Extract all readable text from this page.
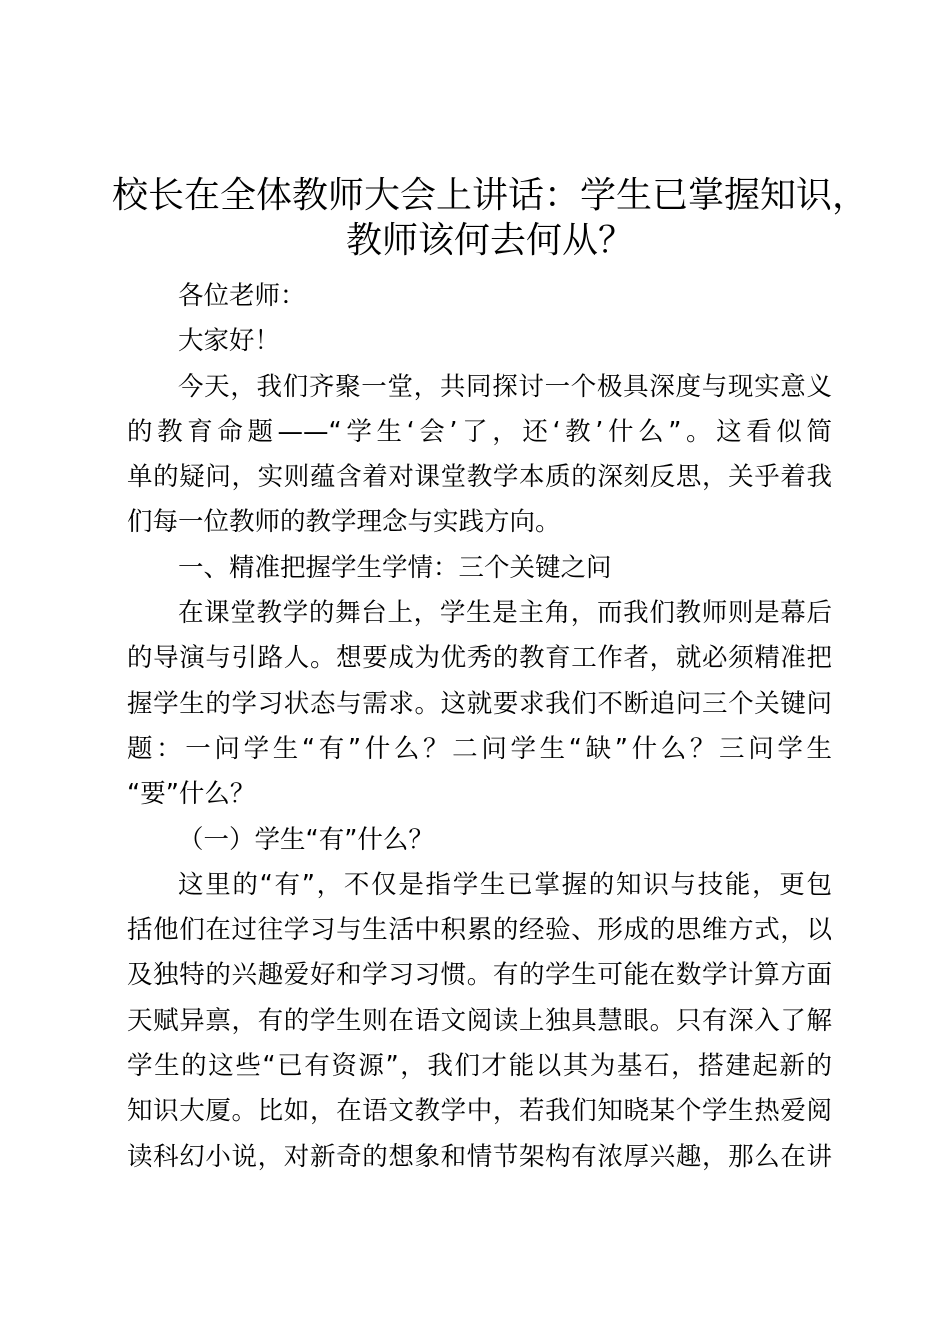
校长在全体教师大会上讲话：学生已掌握知识，
教师该何去何从？
各位老师：
大家好！
今天，我们齐聚一堂，共同探讨一个极具深度与现实意义
的教育命题——“学生‘会’了，还‘教’什么”。这看似简
单的疑问，实则蕴含着对课堂教学本质的深刻反思，关乎着我
们每一位教师的教学理念与实践方向。
一、精准把握学生学情：三个关键之问
在课堂教学的舞台上，学生是主角，而我们教师则是幕后
的导演与引路人。想要成为优秀的教育工作者，就必须精准把
握学生的学习状态与需求。这就要求我们不断追问三个关键问
题：一问学生“有”什么？二问学生“缺”什么？三问学生
“要”什么？
（一）学生“有”什么？
这里的“有”，不仅是指学生已掌握的知识与技能，更包
括他们在过往学习与生活中积累的经验、形成的思维方式，以
及独特的兴趣爱好和学习习惯。有的学生可能在数学计算方面
天赋异禀，有的学生则在语文阅读上独具慧眼。只有深入了解
学生的这些“已有资源”，我们才能以其为基石，搭建起新的
知识大厦。比如，在语文教学中，若我们知晓某个学生热爱阅
读科幻小说，对新奇的想象和情节架构有浓厚兴趣，那么在讲
